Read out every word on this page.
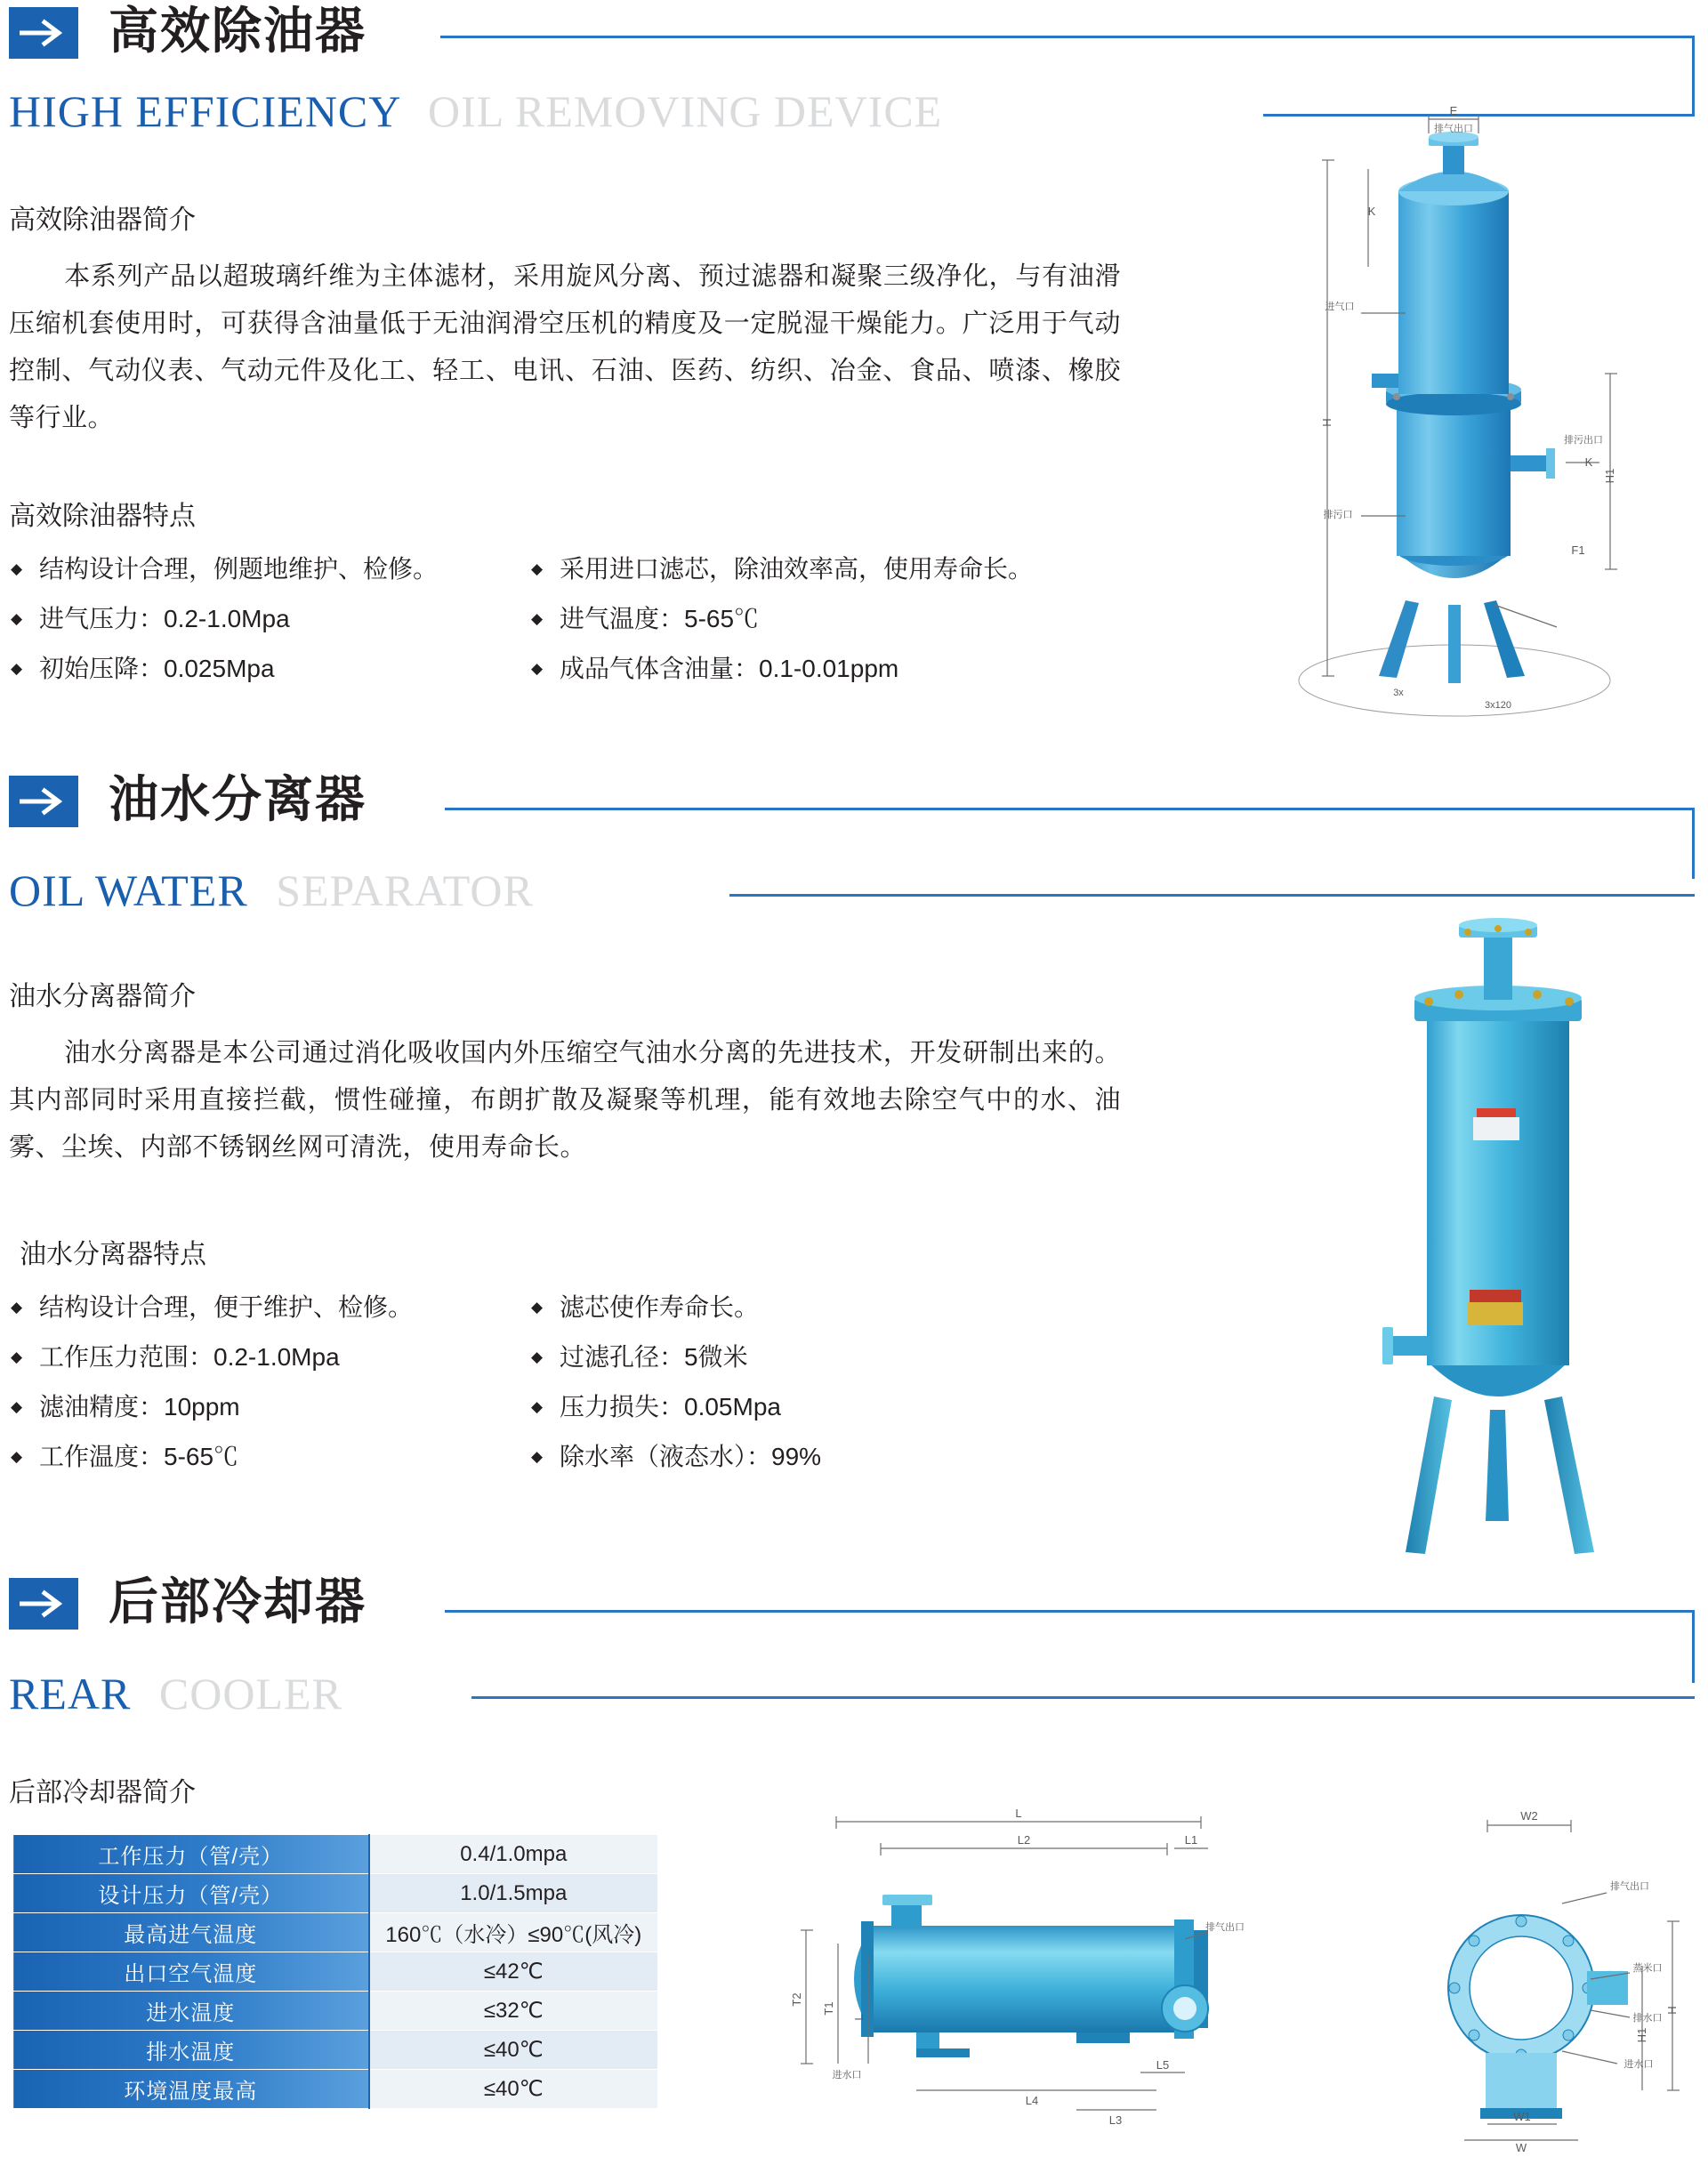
高效除油器
HIGH EFFICIENCY OIL REMOVING DEVICE
高效除油器简介
本系列产品以超玻璃纤维为主体滤材，采用旋风分离、预过滤器和凝聚三级净化，与有油滑压缩机套使用时，可获得含油量低于无油润滑空压机的精度及一定脱湿干燥能力。广泛用于气动控制、气动仪表、气动元件及化工、轻工、电讯、石油、医药、纺织、冶金、食品、喷漆、橡胶等行业。
高效除油器特点
◆ 结构设计合理，例题地维护、检修。
◆ 进气压力：0.2-1.0Mpa
◆ 初始压降：0.025Mpa
◆ 采用进口滤芯，除油效率高，使用寿命长。
◆ 进气温度：5-65℃
◆ 成品气体含油量：0.1-0.01ppm
E
排气出口
K
H
H1
进气口
排污口
排污出口
K
F1
3x120
3x
油水分离器
OIL WATER SEPARATOR
油水分离器简介
油水分离器是本公司通过消化吸收国内外压缩空气油水分离的先进技术，开发研制出来的。其内部同时采用直接拦截，惯性碰撞，布朗扩散及凝聚等机理，能有效地去除空气中的水、油雾、尘埃、内部不锈钢丝网可清洗，使用寿命长。
油水分离器特点
◆ 结构设计合理，便于维护、检修。
◆ 工作压力范围：0.2-1.0Mpa
◆ 滤油精度：10ppm
◆ 工作温度：5-65℃
◆ 滤芯使作寿命长。
◆ 过滤孔径：5微米
◆ 压力损失：0.05Mpa
◆ 除水率（液态水）：99%
后部冷却器
REAR COOLER
后部冷却器简介
工作压力（管/壳）	0.4/1.0mpa
设计压力（管/壳）	1.0/1.5mpa
最高进气温度	160℃（水冷）≤90℃(风冷)
出口空气温度	≤42℃
进水温度	≤32℃
排水温度	≤40℃
环境温度最高	≤40℃
L
L2	L1
T2
T1
L
进水口
L5
L4
L3
排气出口
W2
H
H1
W1
W
排气出口
蒸米口
排水口
进水口
